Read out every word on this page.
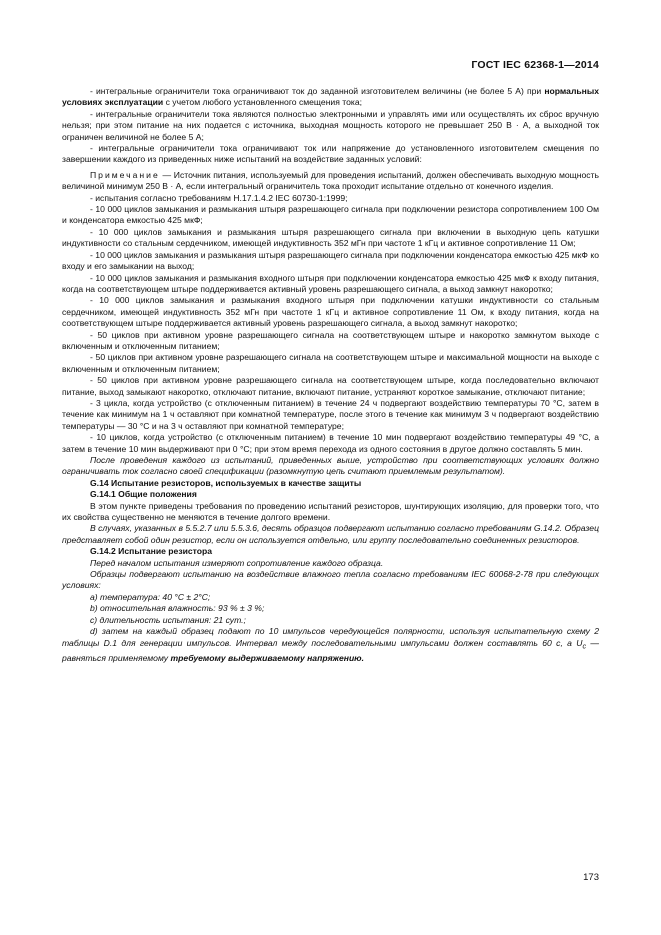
ГОСТ IEC 62368-1—2014

- интегральные ограничители тока ограничивают ток до заданной изготовителем величины (не более 5 А) при нормальных условиях эксплуатации с учетом любого установленного смещения тока;

- интегральные ограничители тока являются полностью электронными и управлять ими или осуществлять их сброс вручную нельзя; при этом питание на них подается с источника, выходная мощность которого не превышает 250 В · А, а выходной ток ограничен величиной не более 5 А;

- интегральные ограничители тока ограничивают ток или напряжение до установленного изготовителем смещения по завершении каждого из приведенных ниже испытаний на воздействие заданных условий:

Примечание — Источник питания, используемый для проведения испытаний, должен обеспечивать выходную мощность величиной минимум 250 В · А, если интегральный ограничитель тока проходит испытание отдельно от конечного изделия.

- испытания согласно требованиям Н.17.1.4.2 IEC 60730-1:1999;

- 10 000 циклов замыкания и размыкания штыря разрешающего сигнала при подключении резистора сопротивлением 100 Ом и конденсатора емкостью 425 мкФ;

- 10 000 циклов замыкания и размыкания штыря разрешающего сигнала при включении в выходную цепь катушки индуктивности со стальным сердечником, имеющей индуктивность 352 мГн при частоте 1 кГц и активное сопротивление 11 Ом;

- 10 000 циклов замыкания и размыкания штыря разрешающего сигнала при подключении конденсатора емкостью 425 мкФ ко входу и его замыкании на выход;

- 10 000 циклов замыкания и размыкания входного штыря при подключении конденсатора емкостью 425 мкФ к входу питания, когда на соответствующем штыре поддерживается активный уровень разрешающего сигнала, а выход замкнут накоротко;

- 10 000 циклов замыкания и размыкания входного штыря при подключении катушки индуктивности со стальным сердечником, имеющей индуктивность 352 мГн при частоте 1 кГц и активное сопротивление 11 Ом, к входу питания, когда на соответствующем штыре поддерживается активный уровень разрешающего сигнала, а выход замкнут накоротко;

- 50 циклов при активном уровне разрешающего сигнала на соответствующем штыре и накоротко замкнутом выходе с включенным и отключенным питанием;

- 50 циклов при активном уровне разрешающего сигнала на соответствующем штыре и максимальной мощности на выходе с включенным и отключенным питанием;

- 50 циклов при активном уровне разрешающего сигнала на соответствующем штыре, когда последовательно включают питание, выход замыкают накоротко, отключают питание, включают питание, устраняют короткое замыкание, отключают питание;

- 3 цикла, когда устройство (с отключенным питанием) в течение 24 ч подвергают воздействию температуры 70 °С, затем в течение как минимум на 1 ч оставляют при комнатной температуре, после этого в течение как минимум 3 ч подвергают воздействию температуры — 30 °С и на 3 ч оставляют при комнатной температуре;

- 10 циклов, когда устройство (с отключенным питанием) в течение 10 мин подвергают воздействию температуры 49 °С, а затем в течение 10 мин выдерживают при 0 °С; при этом время перехода из одного состояния в другое должно составлять 5 мин.

После проведения каждого из испытаний, приведенных выше, устройство при соответствующих условиях должно ограничивать ток согласно своей спецификации (разомкнутую цепь считают приемлемым результатом).

G.14 Испытание резисторов, используемых в качестве защиты

G.14.1 Общие положения

В этом пункте приведены требования по проведению испытаний резисторов, шунтирующих изоляцию, для проверки того, что их свойства существенно не меняются в течение долгого времени.

В случаях, указанных в 5.5.2.7 или 5.5.3.6, десять образцов подвергают испытанию согласно требованиям G.14.2. Образец представляет собой один резистор, если он используется отдельно, или группу последовательно соединенных резисторов.

G.14.2 Испытание резистора

Перед началом испытания измеряют сопротивление каждого образца.

Образцы подвергают испытанию на воздействие влажного тепла согласно требованиям IEC 60068-2-78 при следующих условиях:

a) температура: 40 °С ± 2°С;

b) относительная влажность: 93 % ± 3 %;

c) длительность испытания: 21 сут.;

d) затем на каждый образец подают по 10 импульсов чередующейся полярности, используя испытательную схему 2 таблицы D.1 для генерации импульсов. Интервал между последовательными импульсами должен составлять 60 с, а $U_c$ — равняться применяемому требуемому выдерживаемому напряжению.

173
